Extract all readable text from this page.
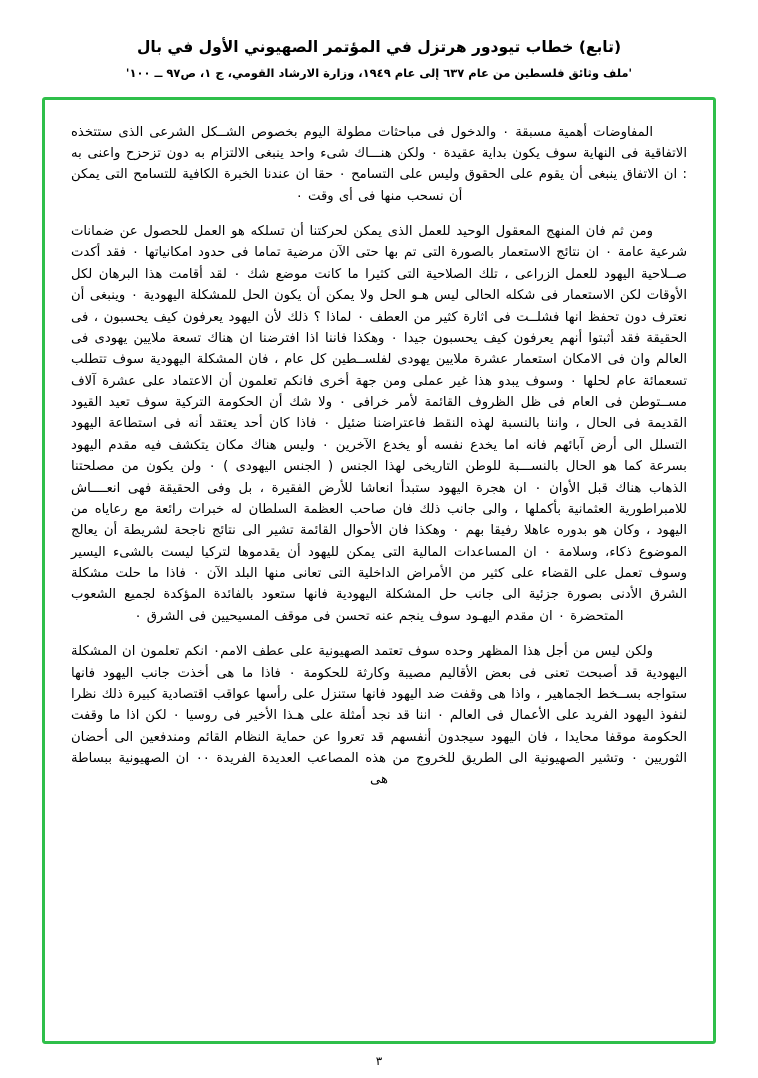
(تابع) خطاب تيودور هرتزل في المؤتمر الصهيوني الأول في بال
'ملف وثائق فلسطين من عام ٦٣٧ إلى عام ١٩٤٩، وزارة الارشاد القومي، ج ١، ص٩٧ ــ ١٠٠'

المفاوضات أهمية مسبقة ٠ والدخول فى مباحثات مطولة اليوم بخصوص الشــكل الشرعى الذى ستتخذه الاتفاقية فى النهاية سوف يكون بداية عقيدة ٠ ولكن هنـــاك شىء واحد ينبغى الالتزام به دون تزحزح واعنى به : ان الاتفاق ينبغى أن يقوم على الحقوق وليس على التسامح ٠ حقا ان عندنا الخبرة الكافية للتسامح التى يمكن أن نسحب منها فى أى وقت ٠

ومن ثم فان المنهج المعقول الوحيد للعمل الذى يمكن لحركتنا أن تسلكه هو العمل للحصول عن ضمانات شرعية عامة ٠ ان نتائج الاستعمار بالصورة التى تم بها حتى الآن مرضية تماما فى حدود امكانياتها ٠ فقد أكدت صــلاحية اليهود للعمل الزراعى ، تلك الصلاحية التى كثيرا ما كانت موضع شك ٠ لقد أقامت هذا البرهان لكل الأوقات لكن الاستعمار فى شكله الحالى ليس هـو الحل ولا يمكن أن يكون الحل للمشكلة اليهودية ٠ وينبغى أن نعترف دون تحفظ انها فشلــت فى اثارة كثير من العطف ٠ لماذا ؟ ذلك لأن اليهود يعرفون كيف يحسبون ، فى الحقيقة فقد أثبتوا أنهم يعرفون كيف يحسبون جيدا ٠ وهكذا فاننا اذا افترضنا ان هناك تسعة ملايين يهودى فى العالم وان فى الامكان استعمار عشرة ملايين يهودى لفلســطين كل عام ، فان المشكلة اليهودية سوف تتطلب تسعمائة عام لحلها ٠ وسوف يبدو هذا غير عملى ومن جهة أخرى فانكم تعلمون أن الاعتماد على عشرة آلاف مســتوطن فى العام فى ظل الظروف القائمة لأمر خرافى ٠ ولا شك أن الحكومة التركية سوف تعيد القيود القديمة فى الحال ، واننا بالنسبة لهذه النقط فاعتراضنا ضئيل ٠ فاذا كان أحد يعتقد أنه فى استطاعة اليهود التسلل الى أرض آبائهم فانه اما يخدع نفسه أو يخدع الآخرين ٠ وليس هناك مكان يتكشف فيه مقدم اليهود بسرعة كما هو الحال بالنســـبة للوطن التاريخى لهذا الجنس ( الجنس اليهودى ) ٠ ولن يكون من مصلحتنا الذهاب هناك قبل الأوان ٠ ان هجرة اليهود ستبدأ انعاشا للأرض الفقيرة ، بل وفى الحقيقة فهى انعــــاش للامبراطورية العثمانية بأكملها ، والى جانب ذلك فان صاحب العظمة السلطان له خبرات رائعة مع رعاياه من اليهود ، وكان هو بدوره عاهلا رفيقا بهم ٠ وهكذا فان الأحوال القائمة تشير الى نتائج ناجحة لشريطة أن يعالج الموضوع ذكاء، وسلامة ٠ ان المساعدات المالية التى يمكن لليهود أن يقدموها لتركيا ليست بالشىء اليسير وسوف تعمل على القضاء على كثير من الأمراض الداخلية التى تعانى منها البلد الآن ٠ فاذا ما حلت مشكلة الشرق الأدنى بصورة جزئية الى جانب حل المشكلة اليهودية فانها ستعود بالفائدة المؤكدة لجميع الشعوب المتحضرة ٠ ان مقدم اليهـود سوف ينجم عنه تحسن فى موقف المسيحيين فى الشرق ٠

ولكن ليس من أجل هذا المظهر وحده سوف تعتمد الصهيونية على عطف الامم٠ انكم تعلمون ان المشكلة اليهودية قد أصبحت تعنى فى بعض الأقاليم مصيبة وكارثة للحكومة ٠ فاذا ما هى أخذت جانب اليهود فانها ستواجه بســخط الجماهير ، واذا هى وقفت ضد اليهود فانها ستنزل على رأسها عواقب اقتصادية كبيرة ذلك نظرا لنفوذ اليهود الفريد على الأعمال فى العالم ٠ اننا قد نجد أمثلة على هـذا الأخير فى روسيا ٠ لكن اذا ما وقفت الحكومة موقفا محايدا ، فان اليهود سيجدون أنفسهم قد تعروا عن حماية النظام القائم ومندفعين الى أحضان الثوريين ٠ وتشير الصهيونية الى الطريق للخروج من هذه المصاعب العديدة الفريدة ٠٠ ان الصهيونية ببساطة هى

٣
